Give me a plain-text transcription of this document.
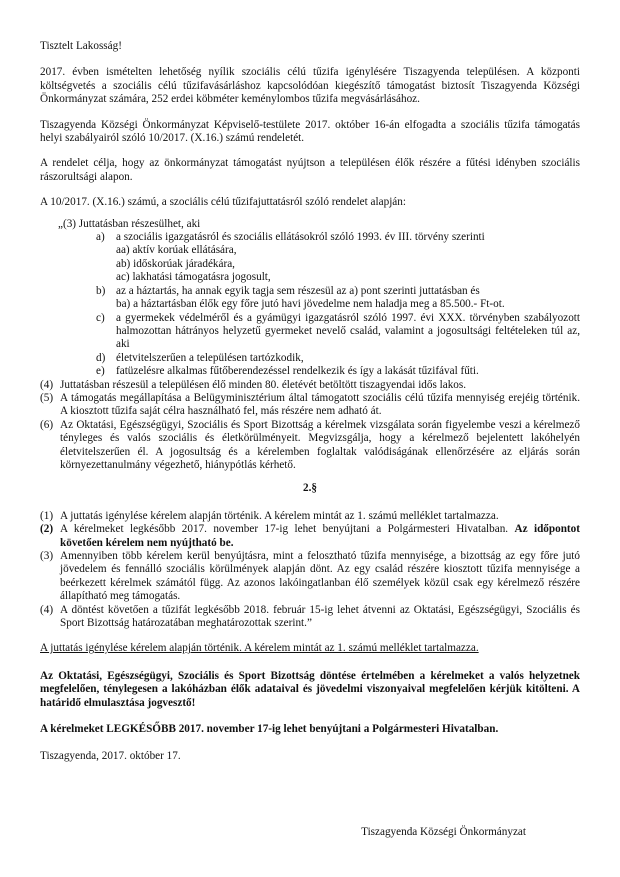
Tisztelt Lakosság!

2017. évben ismételten lehetőség nyílik szociális célú tűzifa igénylésére Tiszagyenda településen. A központi költségvetés a szociális célú tűzifavásárláshoz kapcsolódóan kiegészítő támogatást biztosít Tiszagyenda Községi Önkormányzat számára, 252 erdei köbméter keménylombos tűzifa megvásárlásához.

Tiszagyenda Községi Önkormányzat Képviselő-testülete 2017. október 16-án elfogadta a szociális tűzifa támogatás helyi szabályairól szóló 10/2017. (X.16.) számú rendeletét.

A rendelet célja, hogy az önkormányzat támogatást nyújtson a településen élők részére a fűtési idényben szociális rászorultsági alapon.

A 10/2017. (X.16.) számú, a szociális célú tűzifajuttatásról szóló rendelet alapján:

„(3) Juttatásban részesülhet, aki

a)	a szociális igazgatásról és szociális ellátásokról szóló 1993. év III. törvény szerinti
aa) aktív korúak ellátására,
ab) időskorúak járadékára,
ac) lakhatási támogatásra jogosult,
b) az a háztartás, ha annak egyik tagja sem részesül az a) pont szerinti juttatásban és
ba) a háztartásban élők egy főre jutó havi jövedelme nem haladja meg a 85.500.- Ft-ot.
c)	a gyermekek védelméről és a gyámügyi igazgatásról szóló 1997. évi XXX. törvényben szabályozott halmozottan hátrányos helyzetű gyermeket nevelő család, valamint a jogosultsági feltételeken túl az, aki
d) életvitelszerűen a településen tartózkodik,
e)	fatüzelésre alkalmas fűtőberendezéssel rendelkezik és így a lakását tűzifával fűti.
(4) Juttatásban részesül a településen élő minden 80. életévét betöltött tiszagyendai idős lakos.
(5) A támogatás megállapítása a Belügyminisztérium által támogatott szociális célú tűzifa mennyiség erejéig történik. A kiosztott tűzifa saját célra használható fel, más részére nem adható át.
(6) Az Oktatási, Egészségügyi, Szociális és Sport Bizottság a kérelmek vizsgálata során figyelembe veszi a kérelmező tényleges és valós szociális és életkörülményeit. Megvizsgálja, hogy a kérelmező bejelentett lakóhelyén életvitelszerűen él. A jogosultság és a kérelemben foglaltak valódiságának ellenőrzésére az eljárás során környezettanulmány végezhető, hiánypótlás kérhető.

2.§

(1) A juttatás igénylése kérelem alapján történik. A kérelem mintát az 1. számú melléklet tartalmazza.
(2) A kérelmeket legkésőbb 2017. november 17-ig lehet benyújtani a Polgármesteri Hivatalban. Az időpontot követően kérelem nem nyújtható be.
(3) Amennyiben több kérelem kerül benyújtásra, mint a felosztható tűzifa mennyisége, a bizottság az egy főre jutó jövedelem és fennálló szociális körülmények alapján dönt. Az egy család részére kiosztott tűzifa mennyisége a beérkezett kérelmek számától függ. Az azonos lakóingatlanban élő személyek közül csak egy kérelmező részére állapítható meg támogatás.
(4) A döntést követően a tűzifát legkésőbb 2018. február 15-ig lehet átvenni az Oktatási, Egészségügyi, Szociális és Sport Bizottság határozatában meghatározottak szerint.”

A juttatás igénylése kérelem alapján történik. A kérelem mintát az 1. számú melléklet tartalmazza.

Az Oktatási, Egészségügyi, Szociális és Sport Bizottság döntése értelmében a kérelmeket a valós helyzetnek megfelelően, ténylegesen a lakóházban élők adataival és jövedelmi viszonyaival megfelelően kérjük kitölteni. A határidő elmulasztása jogvesztő!

A kérelmeket LEGKÉSŐBB 2017. november 17-ig lehet benyújtani a Polgármesteri Hivatalban.

Tiszagyenda, 2017. október 17.

Tiszagyenda Községi Önkormányzat
